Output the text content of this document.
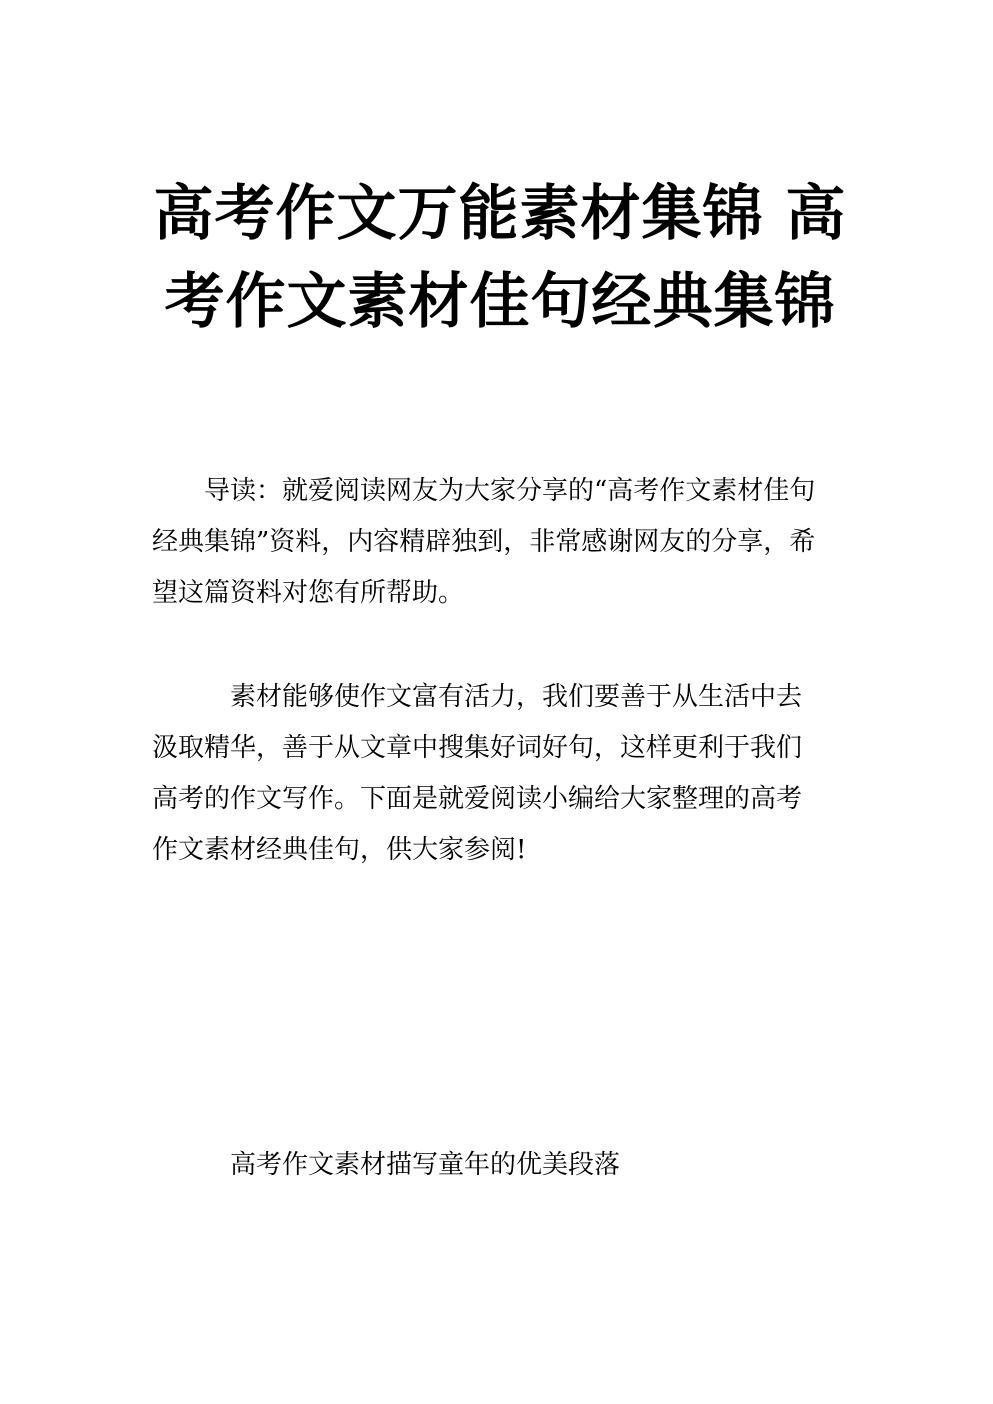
高考作文万能素材集锦 高
考作文素材佳句经典集锦

　　导读：就爱阅读网友为大家分享的“高考作文素材佳句
经典集锦”资料，内容精辟独到，非常感谢网友的分享，希
望这篇资料对您有所帮助。

　　　素材能够使作文富有活力，我们要善于从生活中去
汲取精华，善于从文章中搜集好词好句，这样更利于我们
高考的作文写作。下面是就爱阅读小编给大家整理的高考
作文素材经典佳句，供大家参阅!

高考作文素材描写童年的优美段落
